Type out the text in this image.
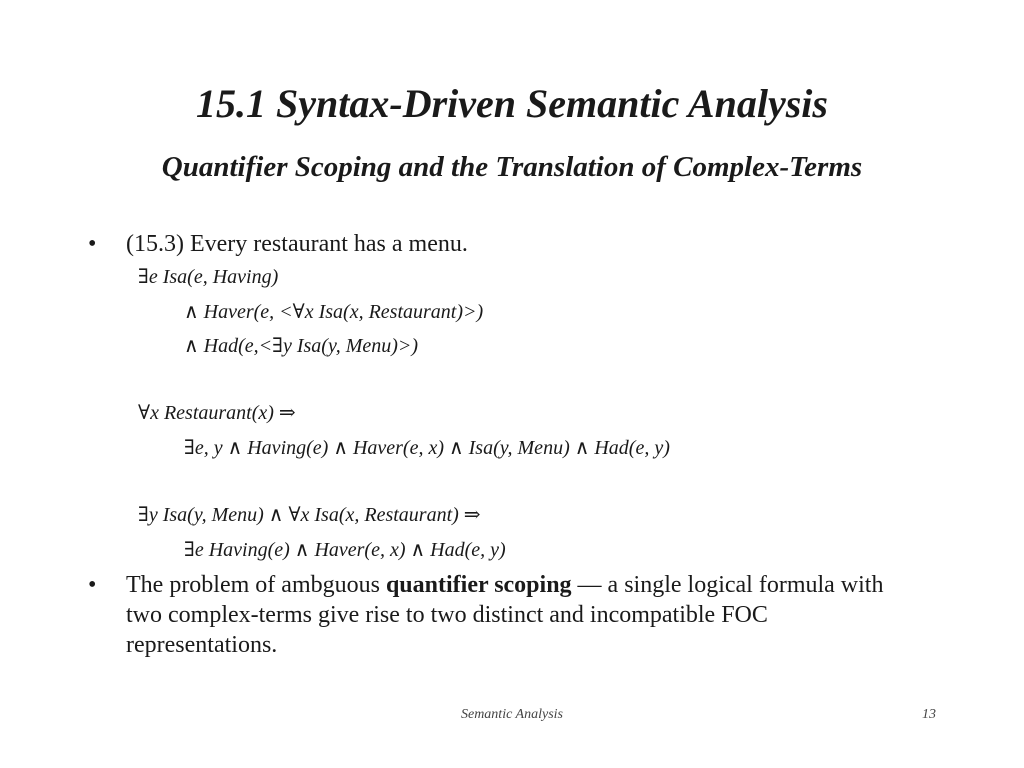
15.1 Syntax-Driven Semantic Analysis
Quantifier Scoping and the Translation of Complex-Terms
• (15.3) Every restaurant has a menu.
∃e Isa(e, Having)
∧ Haver(e, <∀x Isa(x, Restaurant)>)
∧ Had(e,<∃y Isa(y, Menu)>)
∀x Restaurant(x) ⇒
∃e, y ∧ Having(e) ∧ Haver(e, x) ∧ Isa(y, Menu) ∧ Had(e, y)
∃y Isa(y, Menu) ∧ ∀x Isa(x, Restaurant) ⇒
∃e Having(e) ∧ Haver(e, x) ∧ Had(e, y)
•	The problem of ambguous quantifier scoping — a single logical formula with two complex-terms give rise to two distinct and incompatible FOC representations.
Semantic Analysis	13
